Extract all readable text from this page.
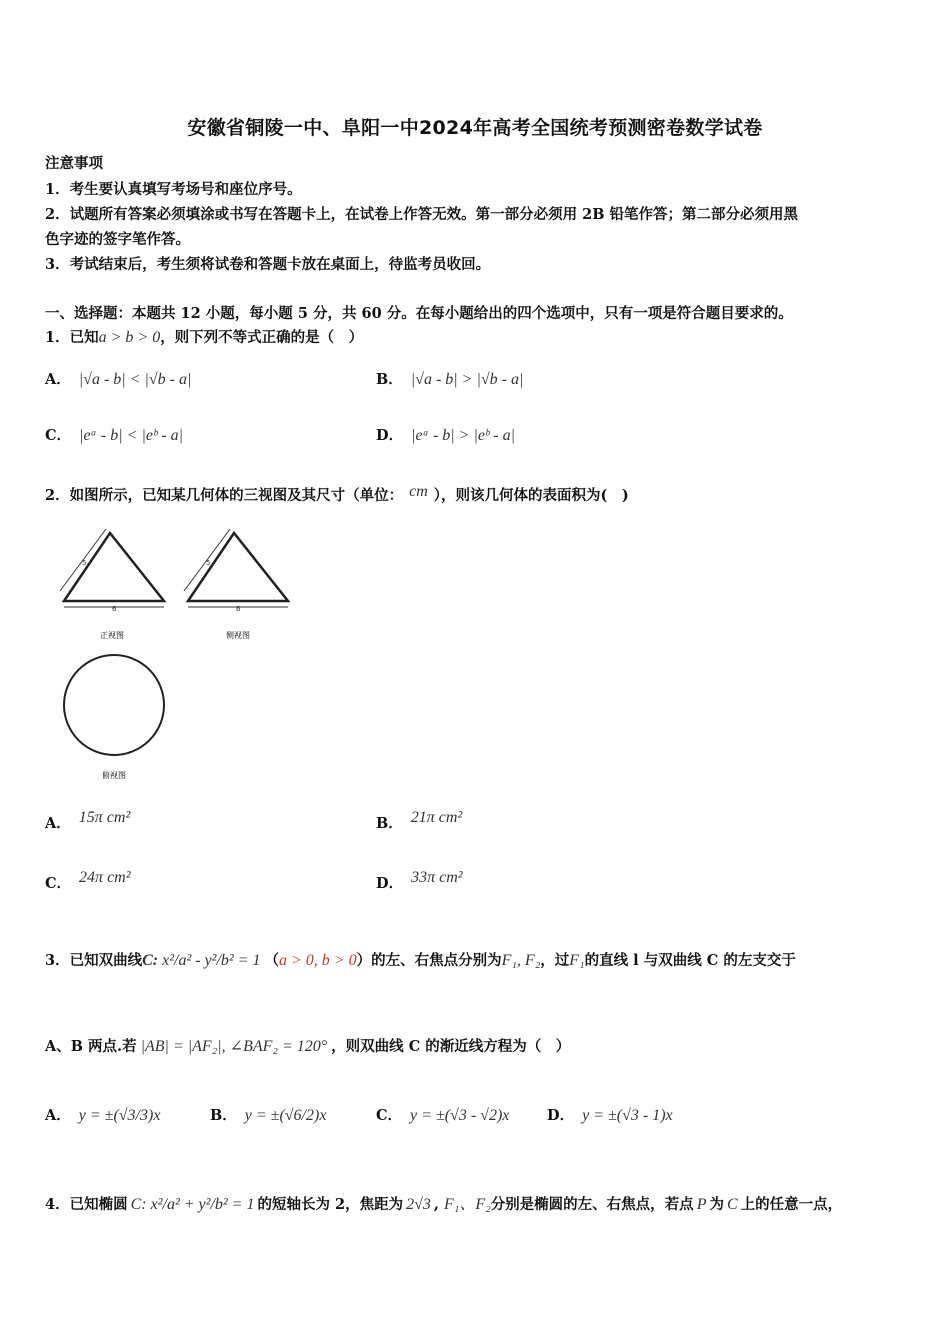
安徽省铜陵一中、阜阳一中2024年高考全国统考预测密卷数学试卷
注意事项
1．考生要认真填写考场号和座位序号。
2．试题所有答案必须填涂或书写在答题卡上，在试卷上作答无效。第一部分必须用 2B 铅笔作答；第二部分必须用黑
色字迹的签字笔作答。
3．考试结束后，考生须将试卷和答题卡放在桌面上，待监考员收回。
一、选择题：本题共 12 小题，每小题 5 分，共 60 分。在每小题给出的四个选项中，只有一项是符合题目要求的。
1．已知a > b > 0，则下列不等式正确的是（　）
A． |√a - b| < |√b - a|	B． |√a - b| > |√b - a|
C． |eᵃ - b| < |eᵇ - a|	D． |eᵃ - b| > |eᵇ - a|
2．如图所示，已知某几何体的三视图及其尺寸（单位： cm ），则该几何体的表面积为(　)
5
6
正视图
5
6
侧视图
俯视图
A． 15π cm²	B． 21π cm²
C． 24π cm²	D． 33π cm²
3．已知双曲线C: x²/a² - y²/b² = 1 （a > 0, b > 0）的左、右焦点分别为F₁, F₂，过F₁的直线 l 与双曲线 C 的左支交于
A、B 两点.若 |AB| = |AF₂|, ∠BAF₂ = 120° ，则双曲线 C 的渐近线方程为（　）
A． y = ±(√3/3)x	B． y = ±(√6/2)x	C． y = ±(√3 - √2)x	D． y = ±(√3 - 1)x
4．已知椭圆 C: x²/a² + y²/b² = 1 的短轴长为 2，焦距为 2√3 , F₁、F₂分别是椭圆的左、右焦点，若点 P 为 C 上的任意一点，
